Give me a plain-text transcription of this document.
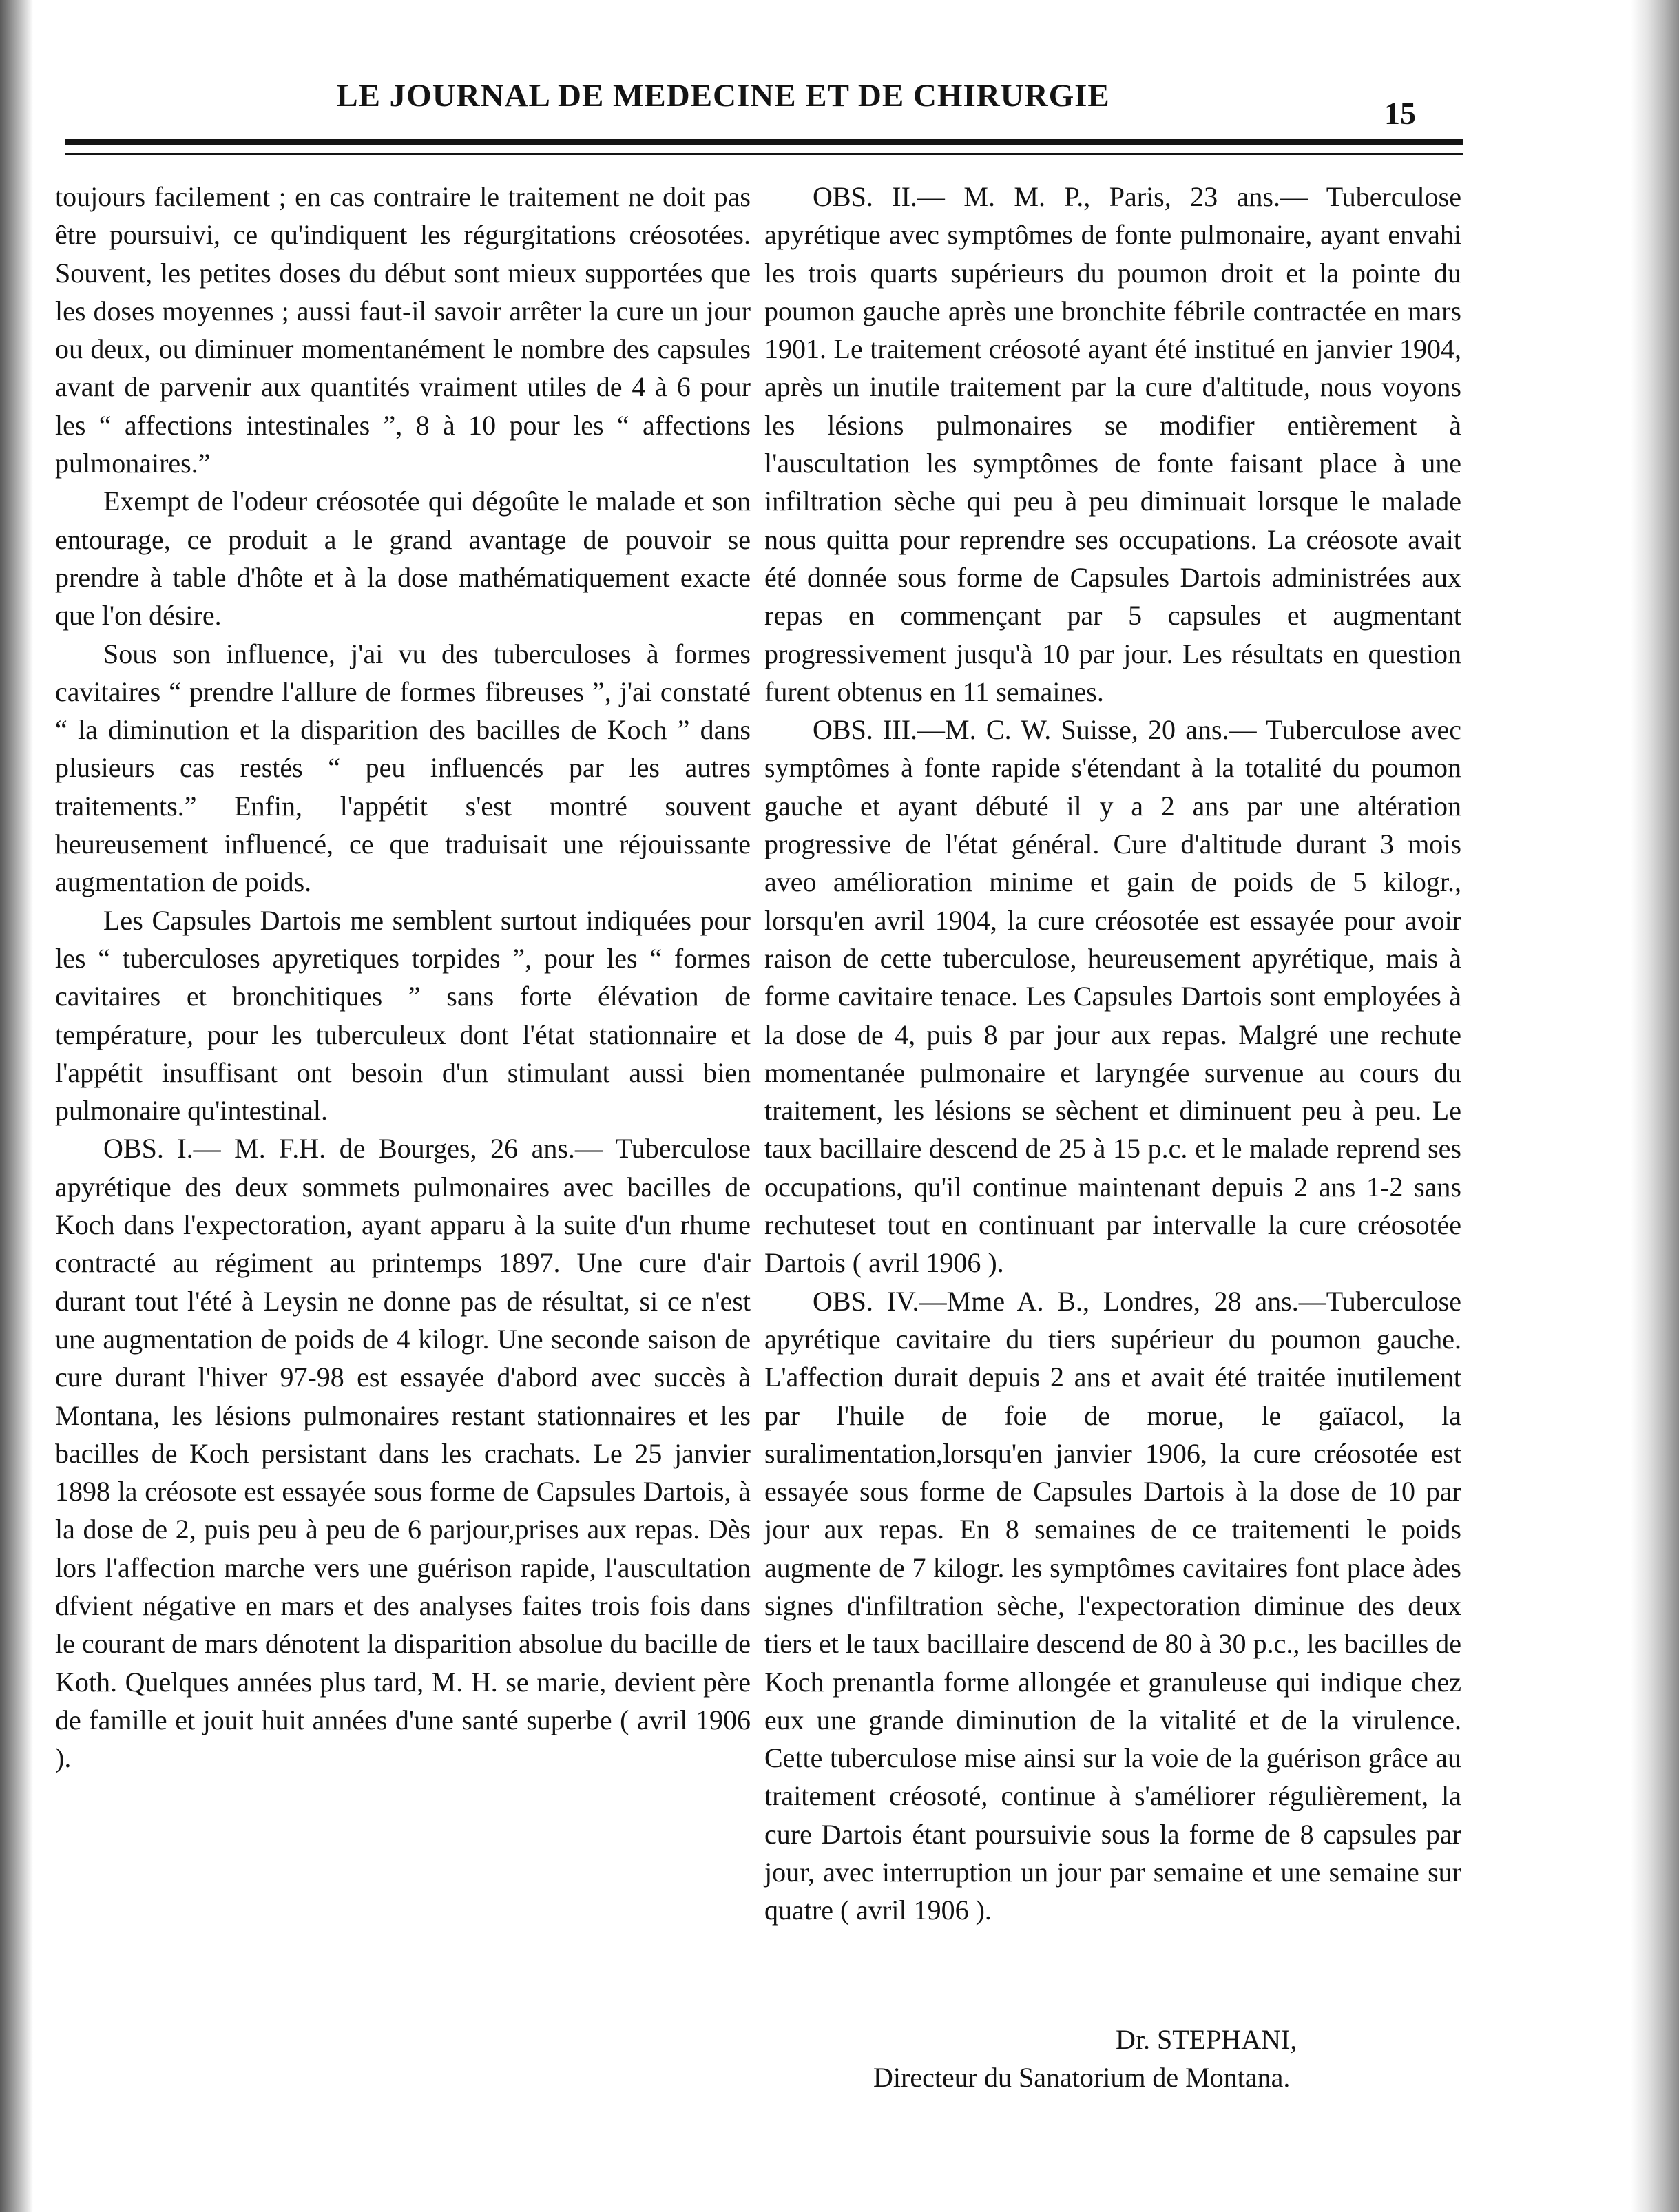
LE JOURNAL DE MEDECINE ET DE CHIRURGIE	15

toujours facilement ; en cas contraire le traitement ne doit pas être poursuivi, ce qu'indiquent les régurgitations créosotées. Souvent, les petites doses du début sont mieux supportées que les doses moyennes ; aussi faut-il savoir arrêter la cure un jour ou deux, ou diminuer momentanément le nombre des capsules avant de parvenir aux quantités vraiment utiles de 4 à 6 pour les “ affections intestinales ”, 8 à 10 pour les “ affections pulmonaires.”

Exempt de l'odeur créosotée qui dégoûte le malade et son entourage, ce produit a le grand avantage de pouvoir se prendre à table d'hôte et à la dose mathématiquement exacte que l'on désire.

Sous son influence, j'ai vu des tuberculoses à formes cavitaires “ prendre l'allure de formes fibreuses ”, j'ai constaté “ la diminution et la disparition des bacilles de Koch ” dans plusieurs cas restés “ peu influencés par les autres traitements.” Enfin, l'appétit s'est montré souvent heureusement influencé, ce que traduisait une réjouissante augmentation de poids.

Les Capsules Dartois me semblent surtout indiquées pour les “ tuberculoses apyretiques torpides ”, pour les “ formes cavitaires et bronchitiques ” sans forte élévation de température, pour les tuberculeux dont l'état stationnaire et l'appétit insuffisant ont besoin d'un stimulant aussi bien pulmonaire qu'intestinal.

OBS. I.— M. F.H. de Bourges, 26 ans.— Tuberculose apyrétique des deux sommets pulmonaires avec bacilles de Koch dans l'expectoration, ayant apparu à la suite d'un rhume contracté au régiment au printemps 1897. Une cure d'air durant tout l'été à Leysin ne donne pas de résultat, si ce n'est une augmentation de poids de 4 kilogr. Une seconde saison de cure durant l'hiver 97-98 est essayée d'abord avec succès à Montana, les lésions pulmonaires restant stationnaires et les bacilles de Koch persistant dans les crachats. Le 25 janvier 1898 la créosote est essayée sous forme de Capsules Dartois, à la dose de 2, puis peu à peu de 6 parjour,prises aux repas. Dès lors l'affection marche vers une guérison rapide, l'auscultation dfvient négative en mars et des analyses faites trois fois dans le courant de mars dénotent la disparition absolue du bacille de Koth. Quelques années plus tard, M. H. se marie, devient père de famille et jouit huit années d'une santé superbe ( avril 1906 ).

OBS. II.— M. M. P., Paris, 23 ans.— Tuberculose apyrétique avec symptômes de fonte pulmonaire, ayant envahi les trois quarts supérieurs du poumon droit et la pointe du poumon gauche après une bronchite fébrile contractée en mars 1901. Le traitement créosoté ayant été institué en janvier 1904, après un inutile traitement par la cure d'altitude, nous voyons les lésions pulmonaires se modifier entièrement à l'auscultation les symptômes de fonte faisant place à une infiltration sèche qui peu à peu diminuait lorsque le malade nous quitta pour reprendre ses occupations. La créosote avait été donnée sous forme de Capsules Dartois administrées aux repas en commençant par 5 capsules et augmentant progressivement jusqu'à 10 par jour. Les résultats en question furent obtenus en 11 semaines.

OBS. III.—M. C. W. Suisse, 20 ans.— Tuberculose avec symptômes à fonte rapide s'étendant à la totalité du poumon gauche et ayant débuté il y a 2 ans par une altération progressive de l'état général. Cure d'altitude durant 3 mois aveo amélioration minime et gain de poids de 5 kilogr., lorsqu'en avril 1904, la cure créosotée est essayée pour avoir raison de cette tuberculose, heureusement apyrétique, mais à forme cavitaire tenace. Les Capsules Dartois sont employées à la dose de 4, puis 8 par jour aux repas. Malgré une rechute momentanée pulmonaire et laryngée survenue au cours du traitement, les lésions se sèchent et diminuent peu à peu. Le taux bacillaire descend de 25 à 15 p.c. et le malade reprend ses occupations, qu'il continue maintenant depuis 2 ans 1-2 sans rechuteset tout en continuant par intervalle la cure créosotée Dartois ( avril 1906 ).

OBS. IV.—Mme A. B., Londres, 28 ans.—Tuberculose apyrétique cavitaire du tiers supérieur du poumon gauche. L'affection durait depuis 2 ans et avait été traitée inutilement par l'huile de foie de morue, le gaïacol, la suralimentation,lorsqu'en janvier 1906, la cure créosotée est essayée sous forme de Capsules Dartois à la dose de 10 par jour aux repas. En 8 semaines de ce traitementi le poids augmente de 7 kilogr. les symptômes cavitaires font place àdes signes d'infiltration sèche, l'expectoration diminue des deux tiers et le taux bacillaire descend de 80 à 30 p.c., les bacilles de Koch prenantla forme allongée et granuleuse qui indique chez eux une grande diminution de la vitalité et de la virulence. Cette tuberculose mise ainsi sur la voie de la guérison grâce au traitement créosoté, continue à s'améliorer régulièrement, la cure Dartois étant poursuivie sous la forme de 8 capsules par jour, avec interruption un jour par semaine et une semaine sur quatre ( avril 1906 ).

Dr. STEPHANI,
Directeur du Sanatorium de Montana.
